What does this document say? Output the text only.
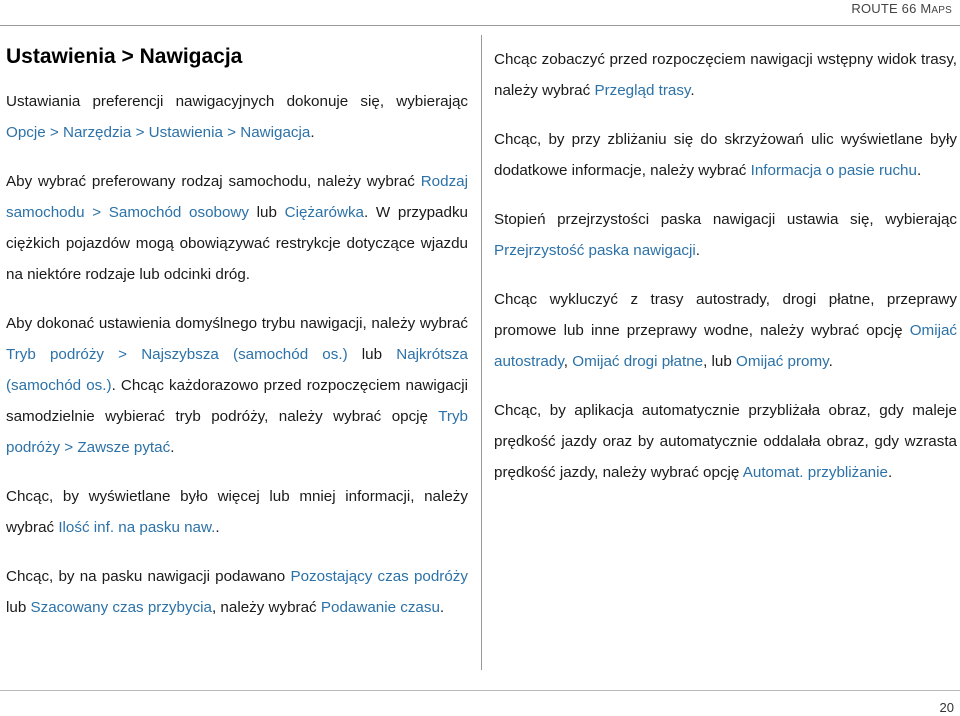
ROUTE 66 MAPS
Ustawienia > Nawigacja

Ustawiania preferencji nawigacyjnych dokonuje się, wybierając Opcje > Narzędzia > Ustawienia > Nawigacja.

Aby wybrać preferowany rodzaj samochodu, należy wybrać Rodzaj samochodu > Samochód osobowy lub Ciężarówka. W przypadku ciężkich pojazdów mogą obowiązywać restrykcje dotyczące wjazdu na niektóre rodzaje lub odcinki dróg.

Aby dokonać ustawienia domyślnego trybu nawigacji, należy wybrać Tryb podróży > Najszybsza (samochód os.) lub Najkrótsza (samochód os.). Chcąc każdorazowo przed rozpoczęciem nawigacji samodzielnie wybierać tryb podróży, należy wybrać opcję Tryb podróży > Zawsze pytać.

Chcąc, by wyświetlane było więcej lub mniej informacji, należy wybrać Ilość inf. na pasku naw..

Chcąc, by na pasku nawigacji podawano Pozostający czas podróży lub Szacowany czas przybycia, należy wybrać Podawanie czasu.

Chcąc zobaczyć przed rozpoczęciem nawigacji wstępny widok trasy, należy wybrać Przegląd trasy.

Chcąc, by przy zbliżaniu się do skrzyżowań ulic wyświetlane były dodatkowe informacje, należy wybrać Informacja o pasie ruchu.

Stopień przejrzystości paska nawigacji ustawia się, wybierając Przejrzystość paska nawigacji.

Chcąc wykluczyć z trasy autostrady, drogi płatne, przeprawy promowe lub inne przeprawy wodne, należy wybrać opcję Omijać autostrady, Omijać drogi płatne, lub Omijać promy.

Chcąc, by aplikacja automatycznie przybliżała obraz, gdy maleje prędkość jazdy oraz by automatycznie oddalała obraz, gdy wzrasta prędkość jazdy, należy wybrać opcję Automat. przybliżanie.

20
